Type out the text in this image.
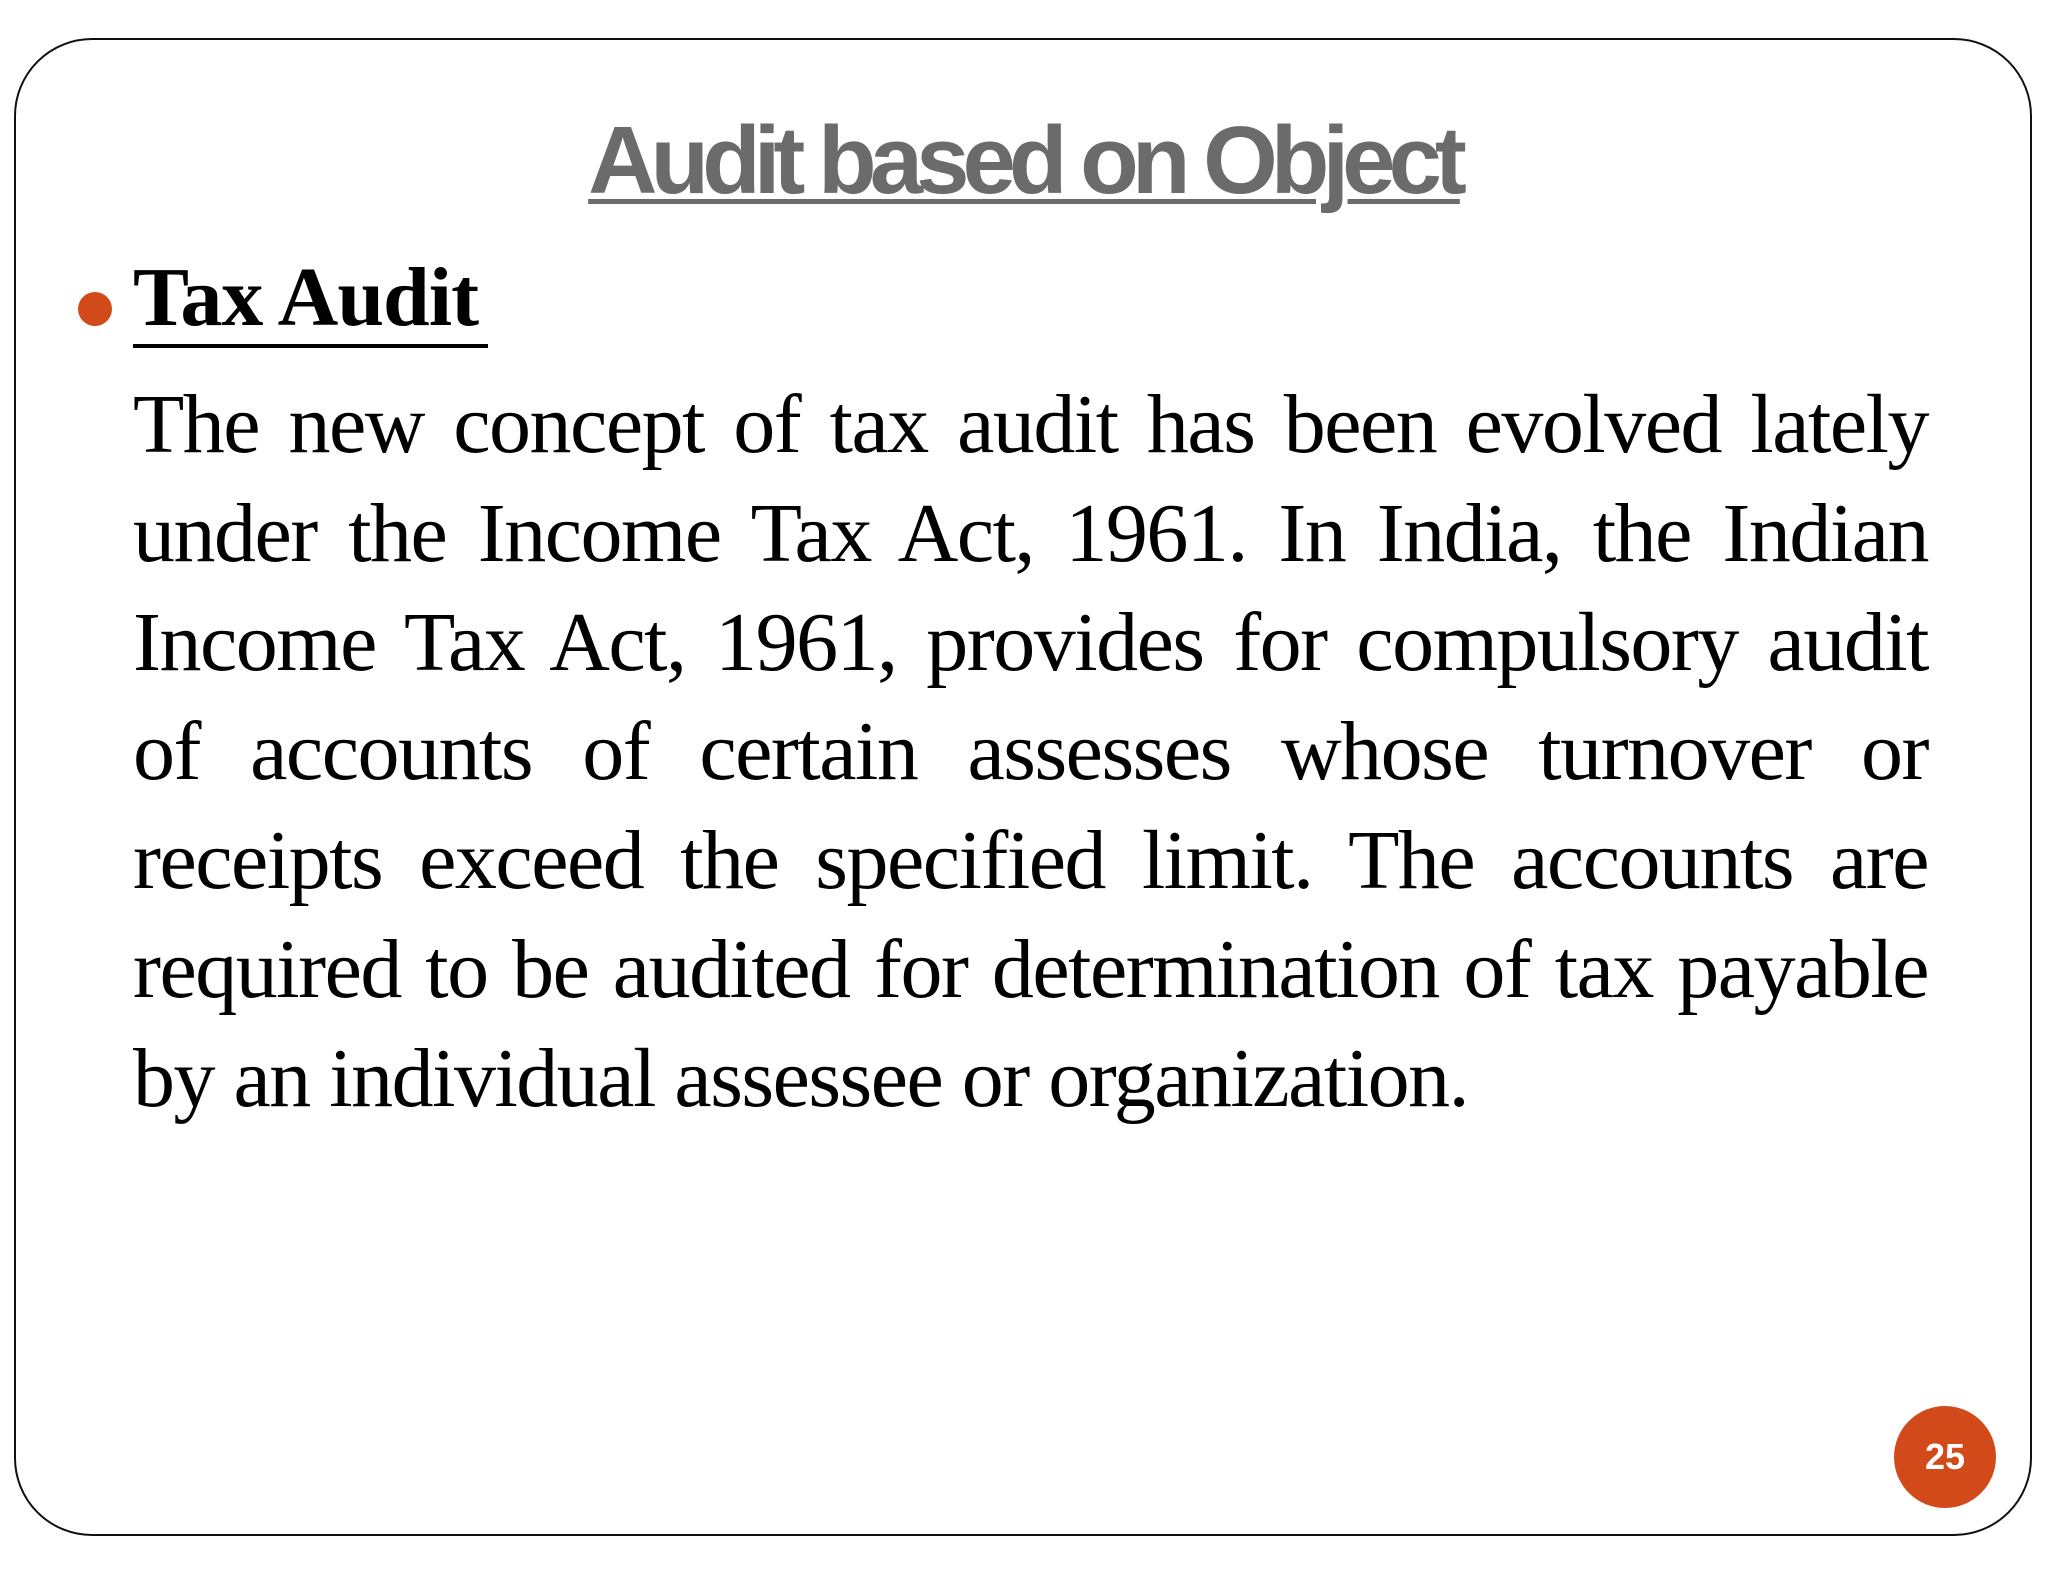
Audit based on Object
Tax Audit

The new concept of tax audit has been evolved lately under the Income Tax Act, 1961. In India, the Indian Income Tax Act, 1961, provides for compulsory audit of accounts of certain assesses whose turnover or receipts exceed the specified limit. The accounts are required to be audited for determination of tax payable by an individual assessee or organization.

25
